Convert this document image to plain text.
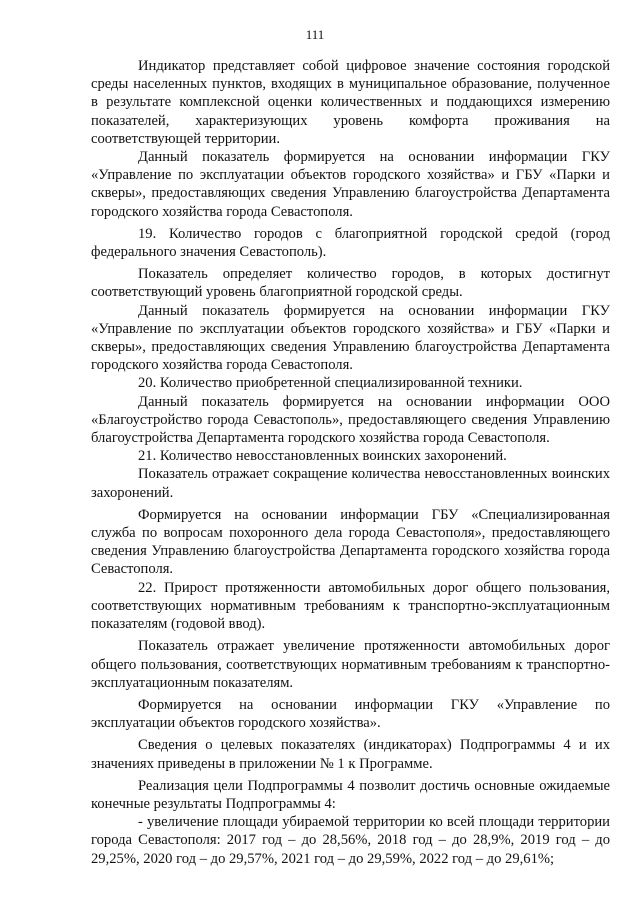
111

Индикатор представляет собой цифровое значение состояния городской среды населенных пунктов, входящих в муниципальное образование, полученное в результате комплексной оценки количественных и поддающихся измерению показателей, характеризующих уровень комфорта проживания на соответствующей территории.

Данный показатель формируется на основании информации ГКУ «Управление по эксплуатации объектов городского хозяйства» и ГБУ «Парки и скверы», предоставляющих сведения Управлению благоустройства Департамента городского хозяйства города Севастополя.

19. Количество городов с благоприятной городской средой (город федерального значения Севастополь).

Показатель определяет количество городов, в которых достигнут соответствующий уровень благоприятной городской среды.

Данный показатель формируется на основании информации ГКУ «Управление по эксплуатации объектов городского хозяйства» и ГБУ «Парки и скверы», предоставляющих сведения Управлению благоустройства Департамента городского хозяйства города Севастополя.

20. Количество приобретенной специализированной техники.

Данный показатель формируется на основании информации ООО «Благоустройство города Севастополь», предоставляющего сведения Управлению благоустройства Департамента городского хозяйства города Севастополя.

21. Количество невосстановленных воинских захоронений.

Показатель отражает сокращение количества невосстановленных воинских захоронений.

Формируется на основании информации ГБУ «Специализированная служба по вопросам похоронного дела города Севастополя», предоставляющего сведения Управлению благоустройства Департамента городского хозяйства города Севастополя.

22. Прирост протяженности автомобильных дорог общего пользования, соответствующих нормативным требованиям к транспортно-эксплуатационным показателям (годовой ввод).

Показатель отражает увеличение протяженности автомобильных дорог общего пользования, соответствующих нормативным требованиям к транспортно-эксплуатационным показателям.

Формируется на основании информации ГКУ «Управление по эксплуатации объектов городского хозяйства».

Сведения о целевых показателях (индикаторах) Подпрограммы 4 и их значениях приведены в приложении № 1 к Программе.

Реализация цели Подпрограммы 4 позволит достичь основные ожидаемые конечные результаты Подпрограммы 4:

- увеличение площади убираемой территории ко всей площади территории города Севастополя: 2017 год – до 28,56%, 2018 год – до 28,9%, 2019 год – до 29,25%, 2020 год – до 29,57%, 2021 год – до 29,59%, 2022 год – до 29,61%;
